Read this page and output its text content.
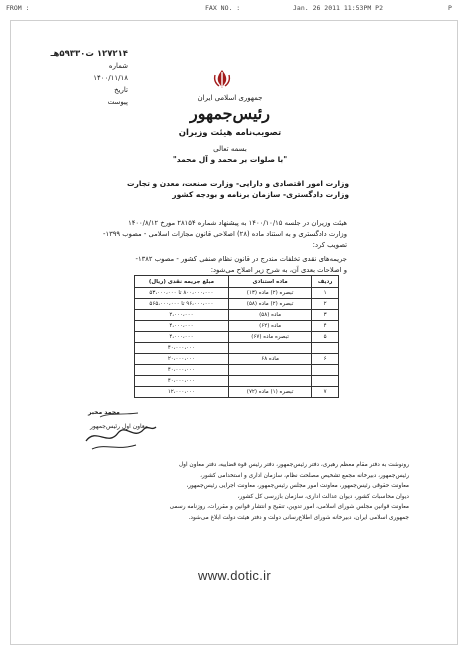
FROM :	FAX NO. :	Jan. 26 2011 11:53PM P2	P
۱۲۷۲۱۴ ت۵۹۳۳۰هـ
شماره
۱۴۰۰/۱۱/۱۸
تاریخ
پیوست	جمهوری اسلامی ایران
رئیس‌جمهور
تصویب‌نامه هیئت وزیران
بسمه تعالی
"با صلوات بر محمد و آل محمد"
وزارت امور اقتصادی و دارایی- وزارت صنعت، معدن و تجارت
وزارت دادگستری- سازمان برنامه و بودجه کشور
هیئت وزیران در جلسه ۱۴۰۰/۱۰/۱۵ به پیشنهاد شماره ۲۸۱۵۴ مورخ ۱۴۰۰/۸/۱۲
وزارت دادگستری و به استناد ماده (۲۸) اصلاحی قانون مجازات اسلامی - مصوب ۱۳۹۹-
تصویب کرد:
جریمه‌های نقدی تخلفات مندرج در قانون نظام صنفی کشور - مصوب ۱۳۸۲-
و اصلاحات بعدی آن، به شرح زیر اصلاح می‌شود:
ردیف	ماده استنادی	مبلغ جریمه نقدی (ریال)
۱	تبصره (۲) ماده (۱۳)	۸۰۰،۰۰۰،۰۰۰ تا ۵۳،۰۰۰،۰۰۰
۲	تبصره (۲) ماده (۵۸)	۹۶،۰۰۰،۰۰۰ تا ۵۶۵،۰۰۰،۰۰۰
۳	ماده (۵۸)	۲،۰۰۰،۰۰۰
۴	ماده (۶۲)	۴،۰۰۰،۰۰۰
۵	تبصره ماده (۶۷)	۴،۰۰۰،۰۰۰
		۴۰،۰۰۰،۰۰۰
۶	ماده ۶۸	۲۰،۰۰۰،۰۰۰
		۴۰،۰۰۰،۰۰۰
		۴۰،۰۰۰،۰۰۰
۷	تبصره (۱) ماده (۷۲)	۱۲،۰۰۰،۰۰۰
محمد مخبر
معاون اول رئیس‌جمهور
رونوشت به دفتر مقام معظم رهبری، دفتر رئیس‌جمهور، دفتر رئیس قوه قضاییه، دفتر معاون اول
رئیس‌جمهور، دبیرخانه مجمع تشخیص مصلحت نظام، سازمان اداری و استخدامی کشور،
معاونت حقوقی رئیس‌جمهور، معاونت امور مجلس رئیس‌جمهور، معاونت اجرایی رئیس‌جمهور،
دیوان محاسبات کشور، دیوان عدالت اداری، سازمان بازرسی کل کشور،
معاونت قوانین مجلس شورای اسلامی، امور تدوین، تنقیح و انتشار قوانین و مقررات، روزنامه رسمی
جمهوری اسلامی ایران، دبیرخانه شورای اطلاع‌رسانی دولت و دفتر هیئت دولت ابلاغ می‌شود.
www.dotic.ir
